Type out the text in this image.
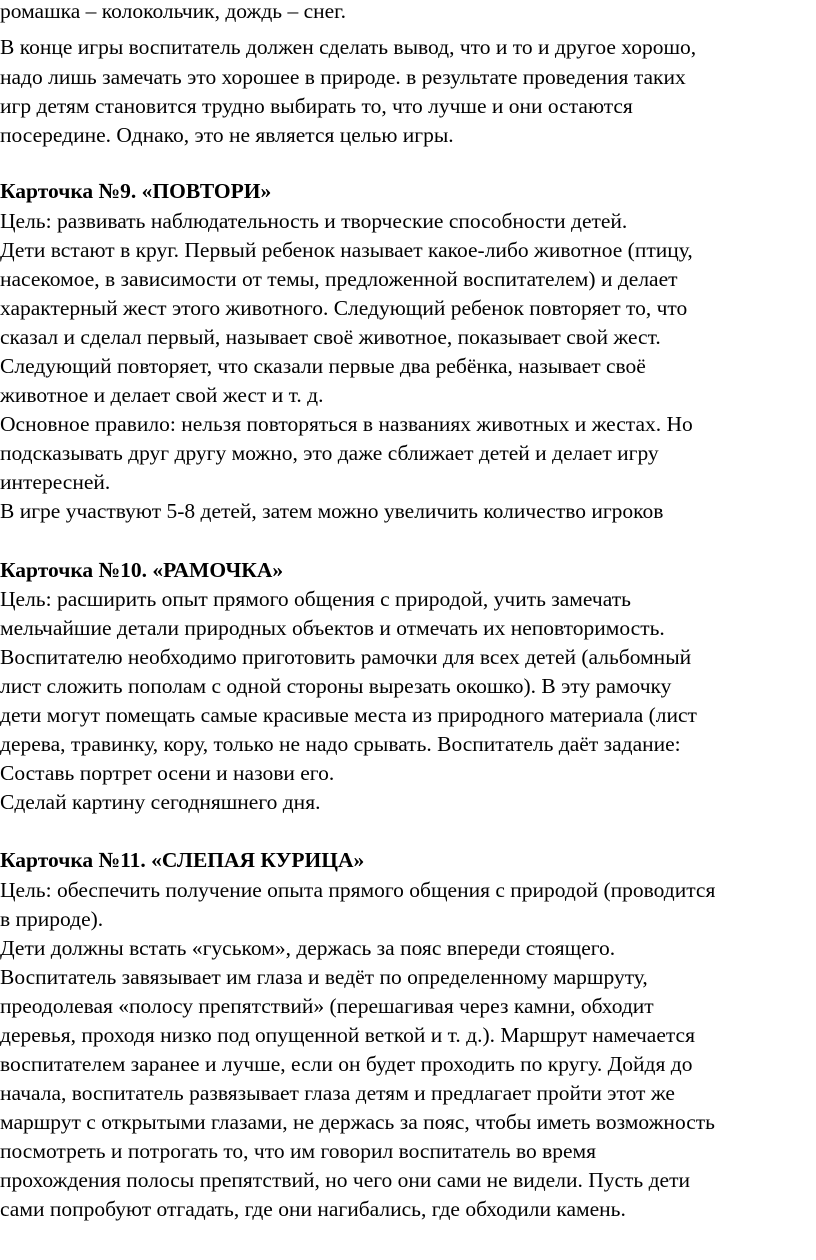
ромашка – колокольчик, дождь – снег.
В конце игры воспитатель должен сделать вывод, что и то и другое хорошо,
надо лишь замечать это хорошее в природе. в результате проведения таких
игр детям становится трудно выбирать то, что лучше и они остаются
посередине. Однако, это не является целью игры.
Карточка №9. «ПОВТОРИ»
Цель: развивать наблюдательность и творческие способности детей.
Дети встают в круг. Первый ребенок называет какое-либо животное (птицу,
насекомое, в зависимости от темы, предложенной воспитателем) и делает
характерный жест этого животного. Следующий ребенок повторяет то, что
сказал и сделал первый, называет своё животное, показывает свой жест.
Следующий повторяет, что сказали первые два ребёнка, называет своё
животное и делает свой жест и т. д.
Основное правило: нельзя повторяться в названиях животных и жестах. Но
подсказывать друг другу можно, это даже сближает детей и делает игру
интересней.
В игре участвуют 5-8 детей, затем можно увеличить количество игроков
Карточка №10. «РАМОЧКА»
Цель: расширить опыт прямого общения с природой, учить замечать
мельчайшие детали природных объектов и отмечать их неповторимость.
Воспитателю необходимо приготовить рамочки для всех детей (альбомный
лист сложить пополам с одной стороны вырезать окошко). В эту рамочку
дети могут помещать самые красивые места из природного материала (лист
дерева, травинку, кору, только не надо срывать. Воспитатель даёт задание:
Составь портрет осени и назови его.
Сделай картину сегодняшнего дня.
Карточка №11. «СЛЕПАЯ КУРИЦА»
Цель: обеспечить получение опыта прямого общения с природой (проводится
в природе).
Дети должны встать «гуськом», держась за пояс впереди стоящего.
Воспитатель завязывает им глаза и ведёт по определенному маршруту,
преодолевая «полосу препятствий» (перешагивая через камни, обходит
деревья, проходя низко под опущенной веткой и т. д.). Маршрут намечается
воспитателем заранее и лучше, если он будет проходить по кругу. Дойдя до
начала, воспитатель развязывает глаза детям и предлагает пройти этот же
маршрут с открытыми глазами, не держась за пояс, чтобы иметь возможность
посмотреть и потрогать то, что им говорил воспитатель во время
прохождения полосы препятствий, но чего они сами не видели. Пусть дети
сами попробуют отгадать, где они нагибались, где обходили камень.
